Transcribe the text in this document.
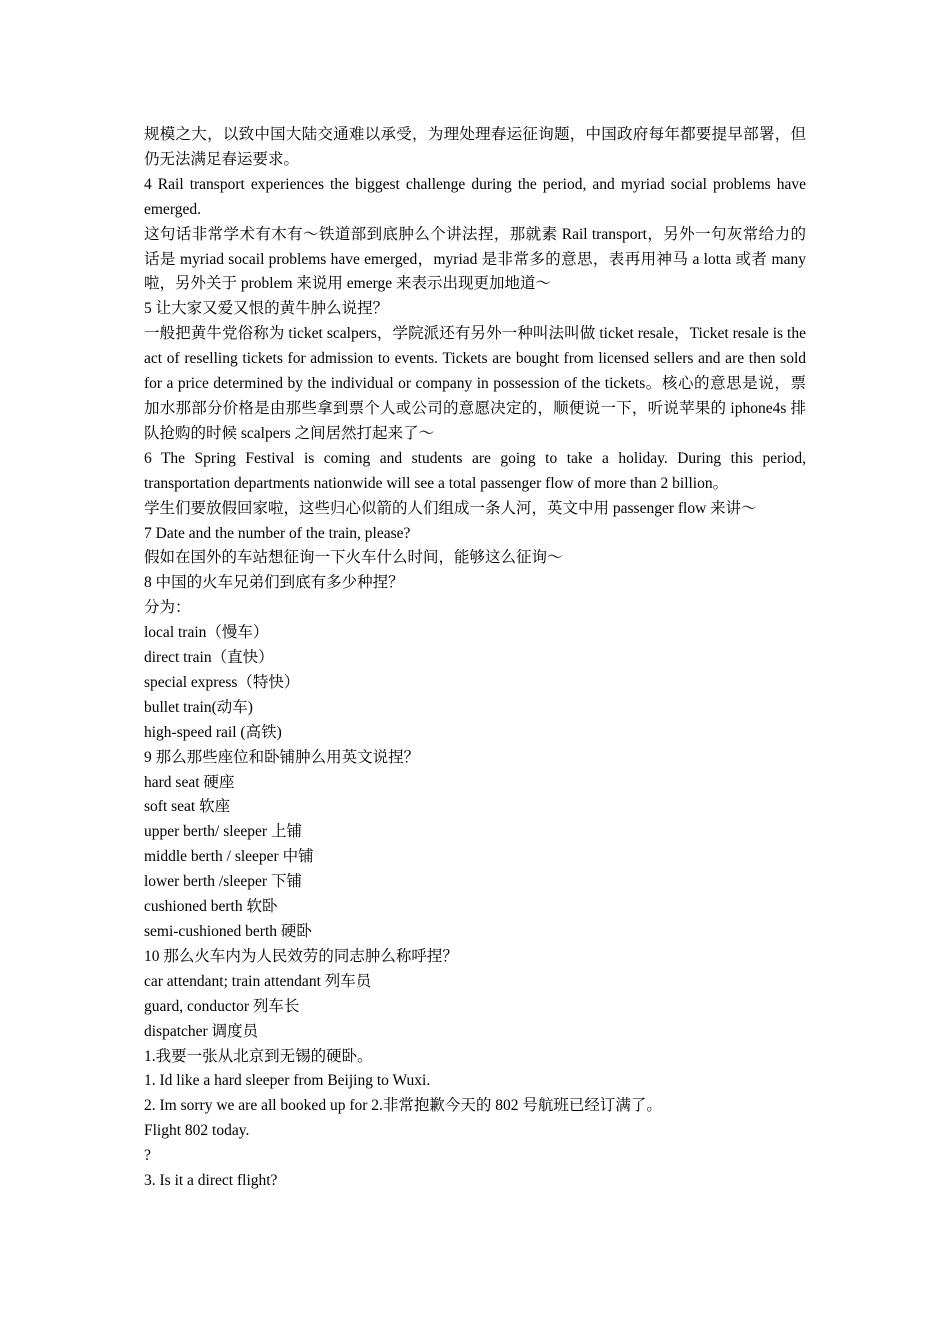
规模之大，以致中国大陆交通难以承受，为理处理春运征询题，中国政府每年都要提早部署，但仍无法满足春运要求。

4 Rail transport experiences the biggest challenge during the period, and myriad social problems have emerged.

这句话非常学术有木有～铁道部到底肿么个讲法捏，那就素 Rail transport，另外一句灰常给力的话是 myriad socail problems have emerged，myriad 是非常多的意思，表再用神马 a lotta 或者 many 啦，另外关于 problem 来说用 emerge 来表示出现更加地道～

5 让大家又爱又恨的黄牛肿么说捏？

一般把黄牛党俗称为 ticket scalpers，学院派还有另外一种叫法叫做 ticket resale，Ticket resale is the act of reselling tickets for admission to events. Tickets are bought from licensed sellers and are then sold for a price determined by the individual or company in possession of the tickets。核心的意思是说，票加水那部分价格是由那些拿到票个人或公司的意愿决定的，顺便说一下，听说苹果的 iphone4s 排队抢购的时候 scalpers 之间居然打起来了～

6 The Spring Festival is coming and students are going to take a holiday. During this period, transportation departments nationwide will see a total passenger flow of more than 2 billion。

学生们要放假回家啦，这些归心似箭的人们组成一条人河，英文中用 passenger flow 来讲～

7 Date and the number of the train, please?

假如在国外的车站想征询一下火车什么时间，能够这么征询～

8 中国的火车兄弟们到底有多少种捏？

分为：

local train（慢车）

direct train（直快）

special express（特快）

bullet train(动车)

high-speed rail (高铁)

9 那么那些座位和卧铺肿么用英文说捏？

hard seat 硬座

soft seat 软座

upper berth/ sleeper 上铺

middle berth / sleeper 中铺

lower berth /sleeper 下铺

cushioned berth 软卧

semi-cushioned berth 硬卧

10 那么火车内为人民效劳的同志肿么称呼捏？

car attendant; train attendant 列车员

guard, conductor 列车长

dispatcher 调度员

1.我要一张从北京到无锡的硬卧。

1. Id like a hard sleeper from Beijing to Wuxi.

2. Im sorry we are all booked up for 2.非常抱歉今天的 802 号航班已经订满了。

Flight 802 today.

?

3. Is it a direct flight?
